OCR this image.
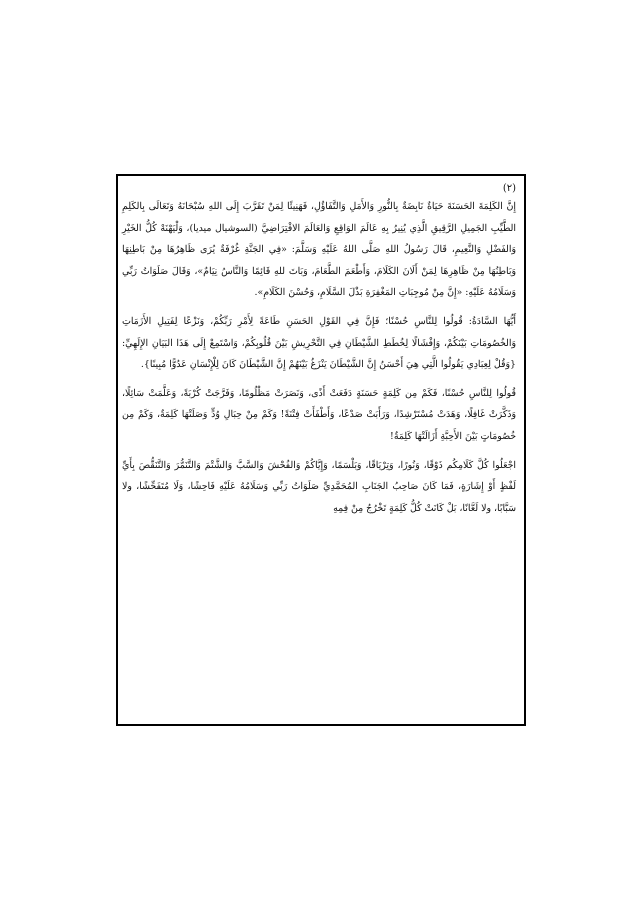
(٢)

إِنَّ الكَلِمَةَ الحَسَنَةَ حَيَاةٌ نَابِضَةٌ بِالنُّورِ وَالأَمَلِ وَالتَّفَاؤُلِ، فَهَنِيئًا لِمَنْ تَقَرَّبَ إِلَى اللهِ سُبْحَانَهُ وَتَعَالَى بِالكَلِمِ الطَّيِّبِ الجَمِيلِ الرَّقِيقِ الَّذِي يُنِيرُ بِهِ عَالَمَ الوَاقِعِ وَالعَالَمَ الافْتِرَاضِيَّ (السوشيال ميديا)، وَلْيَهْنَهْ كُلُّ الخَيْرِ وَالفَضْلِ وَالنَّعِيمِ، قَالَ رَسُولُ اللهِ صَلَّى اللهُ عَلَيْهِ وَسَلَّمَ: «فِي الجَنَّةِ غُرْفَةٌ يُرَى ظَاهِرُهَا مِنْ بَاطِنِهَا وَبَاطِنُهَا مِنْ ظَاهِرِهَا لِمَنْ أَلَانَ الكَلَامَ، وَأَطْعَمَ الطَّعَامَ، وَبَاتَ للهِ قَائِمًا وَالنَّاسُ نِيَامٌ»، وَقَالَ صَلَوَاتُ رَبِّي وَسَلَامُهُ عَلَيْهِ: «إِنَّ مِنْ مُوجِبَاتِ المَغْفِرَةِ بَذْلَ السَّلَامِ، وَحُسْنَ الكَلَامِ».

أَيُّهَا السَّادَةُ: قُولُوا لِلنَّاسِ حُسْنًا؛ فَإِنَّ فِي القَوْلِ الحَسَنِ طَاعَةً لِأَمْرِ رَبِّكُمْ، وَنَزْعًا لِفَتِيلِ الأَزَمَاتِ وَالخُصُومَاتِ بَيْنَكُمْ، وَإِفْشَالًا لِخُطَطِ الشَّيْطَانِ فِي التَّحْرِيشِ بَيْنَ قُلُوبِكُمْ، وَاسْتَمِعْ إِلَى هَذَا البَيَانِ الإِلَهِيِّ: {وَقُلْ لِعِبَادِي يَقُولُوا الَّتِي هِيَ أَحْسَنُ إِنَّ الشَّيْطَانَ يَنْزَغُ بَيْنَهُمْ إِنَّ الشَّيْطَانَ كَانَ لِلْإِنْسَانِ عَدُوًّا مُبِينًا}.

قُولُوا لِلنَّاسِ حُسْنًا، فَكَمْ مِن كَلِمَةٍ حَسَنَةٍ دَفَعَتْ أَذًى، وَنَصَرَتْ مَظْلُومًا، وَفَرَّجَتْ كُرْبَةً، وَعَلَّمَتْ سَائِلًا، وَذَكَّرَتْ غَافِلًا، وَهَدَتْ مُسْتَرْشِدًا، وَرَأَبَتْ صَدْعًا، وَأَطْفَأَتْ فِتْنَةً! وَكَمْ مِنْ حِبَالِ وُدٍّ وَصَلَتْهَا كَلِمَةٌ، وَكَمْ مِن خُصُومَاتٍ بَيْنَ الأَحِبَّةِ أَزَالَتْهَا كَلِمَةٌ!

اجْعَلُوا كُلَّ كَلَامِكُم ذَوْقًا، وَنُورًا، وَتِرْيَاقًا، وَبَلْسَمًا، وَإِيَّاكُمْ وَالفُحْشَ وَالسَّبَّ وَالشَّتْمَ وَالتَّنَمُّرَ وَالتَّنَقُّصَ بِأَيِّ لَفْظٍ أَوْ إِشَارَةٍ، فَمَا كَانَ صَاحِبُ الجَنَابِ المُحَمَّدِيِّ صَلَوَاتُ رَبِّي وَسَلَامُهُ عَلَيْهِ فَاحِشًا، وَلَا مُتَفَحِّشًا، ولا سَبَّابًا، ولا لَعَّانًا، بَلْ كَانَتْ كُلُّ كَلِمَةٍ تَخْرُجُ مِنْ فِمِهِ
